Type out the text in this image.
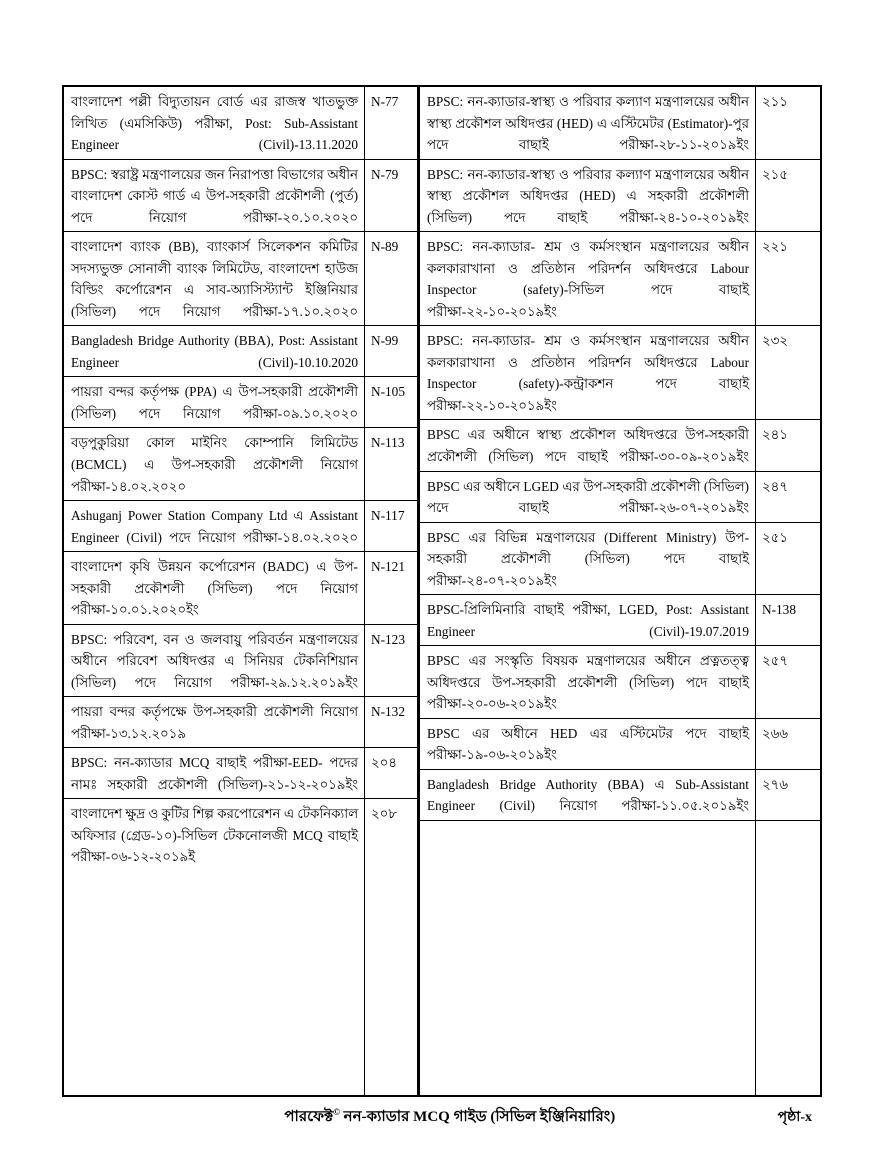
বাংলাদেশ পল্লী বিদ্যুতায়ন বোর্ড এর রাজস্ব খাতভুক্ত লিখিত (এমসিকিউ) পরীক্ষা, Post: Sub-Assistant Engineer (Civil)-13.11.2020
N-77
BPSC: স্বরাষ্ট্র মন্ত্রণালয়ের জন নিরাপত্তা বিভাগের অধীন বাংলাদেশ কোস্ট গার্ড এ উপ-সহকারী প্রকৌশলী (পুর্ত) পদে নিয়োগ পরীক্ষা-২০.১০.২০২০
N-79
বাংলাদেশ ব্যাংক (BB), ব্যাংকার্স সিলেকশন কমিটির সদস্যভুক্ত সোনালী ব্যাংক লিমিটেড, বাংলাদেশ হাউজ বিল্ডিং কর্পোরেশন এ সাব-অ্যাসিস্ট্যান্ট ইঞ্জিনিয়ার (সিভিল) পদে নিয়োগ পরীক্ষা-১৭.১০.২০২০
N-89
Bangladesh Bridge Authority (BBA), Post: Assistant Engineer (Civil)-10.10.2020
N-99
পায়রা বন্দর কর্তৃপক্ষ (PPA) এ উপ-সহকারী প্রকৌশলী (সিভিল) পদে নিয়োগ পরীক্ষা-০৯.১০.২০২০
N-105
বড়পুকুরিয়া কোল মাইনিং কোম্পানি লিমিটেড (BCMCL) এ উপ-সহকারী প্রকৌশলী নিয়োগ পরীক্ষা-১৪.০২.২০২০
N-113
Ashuganj Power Station Company Ltd এ Assistant Engineer (Civil) পদে নিয়োগ পরীক্ষা-১৪.০২.২০২০
N-117
বাংলাদেশ কৃষি উন্নয়ন কর্পোরেশন (BADC) এ উপ-সহকারী প্রকৌশলী (সিভিল) পদে নিয়োগ পরীক্ষা-১০.০১.২০২০ইং
N-121
BPSC: পরিবেশ, বন ও জলবায়ু পরিবর্তন মন্ত্রণালয়ের অধীনে পরিবেশ অধিদপ্তর এ সিনিয়র টেকনিশিয়ান (সিভিল) পদে নিয়োগ পরীক্ষা-২৯.১২.২০১৯ইং
N-123
পায়রা বন্দর কর্তৃপক্ষে উপ-সহকারী প্রকৌশলী নিয়োগ পরীক্ষা-১৩.১২.২০১৯
N-132
BPSC: নন-ক্যাডার MCQ বাছাই পরীক্ষা-EED- পদের নামঃ সহকারী প্রকৌশলী (সিভিল)-২১-১২-২০১৯ইং
২০৪
বাংলাদেশ ক্ষুদ্র ও কুটির শিল্প করপোরেশন এ টেকনিক্যাল অফিসার (গ্রেড-১০)-সিভিল টেকনোলজী MCQ বাছাই পরীক্ষা-০৬-১২-২০১৯ই
২০৮
BPSC: নন-ক্যাডার-স্বাস্থ্য ও পরিবার কল্যাণ মন্ত্রণালয়ের অধীন স্বাস্থ্য প্রকৌশল অধিদপ্তর (HED) এ এস্টিমেটর (Estimator)-পুর পদে বাছাই পরীক্ষা-২৮-১১-২০১৯ইং
২১১
BPSC: নন-ক্যাডার-স্বাস্থ্য ও পরিবার কল্যাণ মন্ত্রণালয়ের অধীন স্বাস্থ্য প্রকৌশল অধিদপ্তর (HED) এ সহকারী প্রকৌশলী (সিভিল) পদে বাছাই পরীক্ষা-২৪-১০-২০১৯ইং
২১৫
BPSC: নন-ক্যাডার- শ্রম ও কর্মসংস্থান মন্ত্রণালয়ের অধীন কলকারাখানা ও প্রতিষ্ঠান পরিদর্শন অধিদপ্তরে Labour Inspector (safety)-সিভিল পদে বাছাই পরীক্ষা-২২-১০-২০১৯ইং
২২১
BPSC: নন-ক্যাডার- শ্রম ও কর্মসংস্থান মন্ত্রণালয়ের অধীন কলকারাখানা ও প্রতিষ্ঠান পরিদর্শন অধিদপ্তরে Labour Inspector (safety)-কন্ট্রাকশন পদে বাছাই পরীক্ষা-২২-১০-২০১৯ইং
২৩২
BPSC এর অধীনে স্বাস্থ্য প্রকৌশল অধিদপ্তরে উপ-সহকারী প্রকৌশলী (সিভিল) পদে বাছাই পরীক্ষা-৩০-০৯-২০১৯ইং
২৪১
BPSC এর অধীনে LGED এর উপ-সহকারী প্রকৌশলী (সিভিল) পদে বাছাই পরীক্ষা-২৬-০৭-২০১৯ইং
২৪৭
BPSC এর বিভিন্ন মন্ত্রণালয়ের (Different Ministry) উপ-সহকারী প্রকৌশলী (সিভিল) পদে বাছাই পরীক্ষা-২৪-০৭-২০১৯ইং
২৫১
BPSC-প্রিলিমিনারি বাছাই পরীক্ষা, LGED, Post: Assistant Engineer (Civil)-19.07.2019
N-138
BPSC এর সংস্কৃতি বিষয়ক মন্ত্রণালয়ের অধীনে প্রত্নতত্ত্ব অধিদপ্তরে উপ-সহকারী প্রকৌশলী (সিভিল) পদে বাছাই পরীক্ষা-২০-০৬-২০১৯ইং
২৫৭
BPSC এর অধীনে HED এর এস্টিমেটর পদে বাছাই পরীক্ষা-১৯-০৬-২০১৯ইং
২৬৬
Bangladesh Bridge Authority (BBA) এ Sub-Assistant Engineer (Civil) নিয়োগ পরীক্ষা-১১.০৫.২০১৯ইং
২৭৬
পারফেক্ট© নন-ক্যাডার MCQ গাইড (সিভিল ইঞ্জিনিয়ারিং)	পৃষ্ঠা-x
